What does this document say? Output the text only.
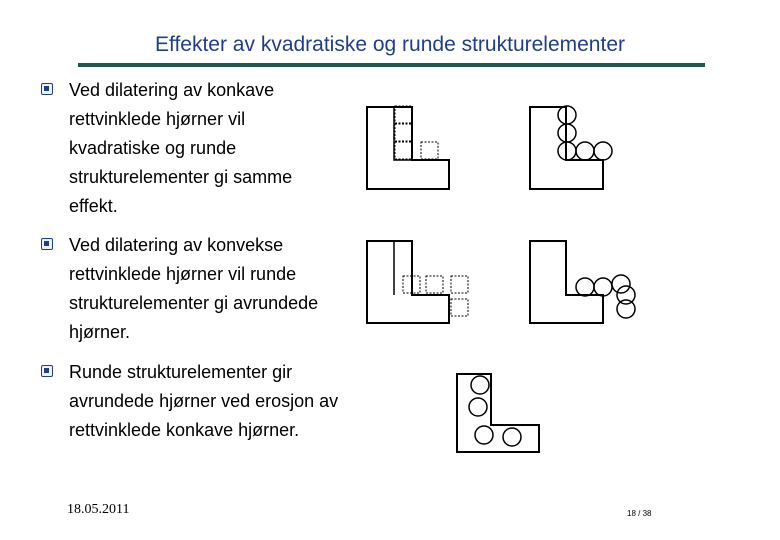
Effekter av kvadratiske og runde strukturelementer
Ved dilatering av konkave rettvinklede hjørner vil kvadratiske og runde strukturelementer gi samme effekt.
Ved dilatering av konvekse rettvinklede hjørner vil runde strukturelementer gi avrundede hjørner.
Runde strukturelementer gir avrundede hjørner ved erosjon av rettvinklede konkave hjørner.
18.05.2011	18 / 38
